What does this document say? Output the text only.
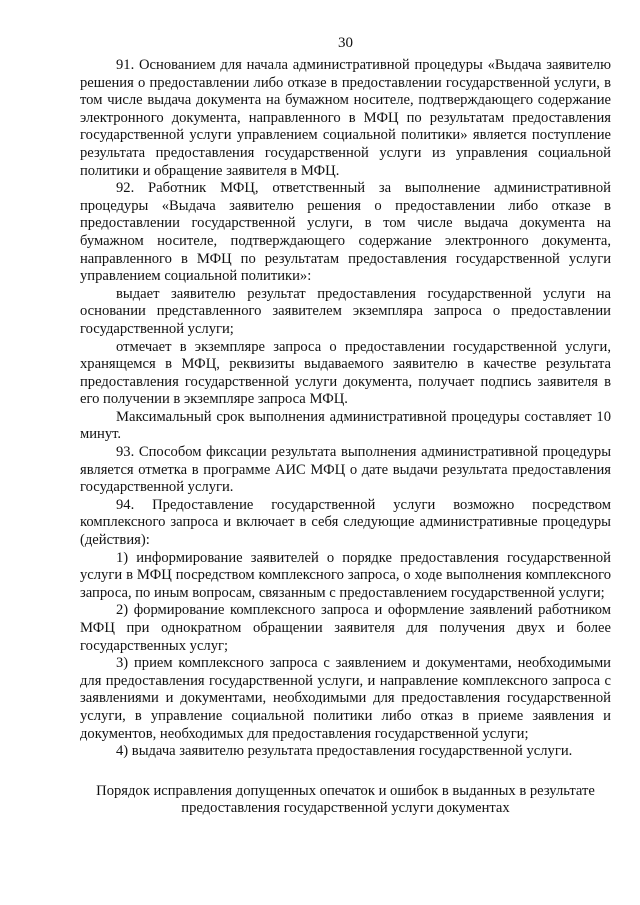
30

91. Основанием для начала административной процедуры «Выдача заявителю решения о предоставлении либо отказе в предоставлении государственной услуги, в том числе выдача документа на бумажном носителе, подтверждающего содержание электронного документа, направленного в МФЦ по результатам предоставления государственной услуги управлением социальной политики» является поступление результата предоставления государственной услуги из управления социальной политики и обращение заявителя в МФЦ.

92. Работник МФЦ, ответственный за выполнение административной процедуры «Выдача заявителю решения о предоставлении либо отказе в предоставлении государственной услуги, в том числе выдача документа на бумажном носителе, подтверждающего содержание электронного документа, направленного в МФЦ по результатам предоставления государственной услуги управлением социальной политики»:

выдает заявителю результат предоставления государственной услуги на основании представленного заявителем экземпляра запроса о предоставлении государственной услуги;

отмечает в экземпляре запроса о предоставлении государственной услуги, хранящемся в МФЦ, реквизиты выдаваемого заявителю в качестве результата предоставления государственной услуги документа, получает подпись заявителя в его получении в экземпляре запроса МФЦ.

Максимальный срок выполнения административной процедуры составляет 10 минут.

93. Способом фиксации результата выполнения административной процедуры является отметка в программе АИС МФЦ о дате выдачи результата предоставления государственной услуги.

94. Предоставление государственной услуги возможно посредством комплексного запроса и включает в себя следующие административные процедуры (действия):

1) информирование заявителей о порядке предоставления государственной услуги в МФЦ посредством комплексного запроса, о ходе выполнения комплексного запроса, по иным вопросам, связанным с предоставлением государственной услуги;

2) формирование комплексного запроса и оформление заявлений работником МФЦ при однократном обращении заявителя для получения двух и более государственных услуг;

3) прием комплексного запроса с заявлением и документами, необходимыми для предоставления государственной услуги, и направление комплексного запроса с заявлениями и документами, необходимыми для предоставления государственной услуги, в управление социальной политики либо отказ в приеме заявления и документов, необходимых для предоставления государственной услуги;

4) выдача заявителю результата предоставления государственной услуги.

Порядок исправления допущенных опечаток и ошибок в выданных в результате
предоставления государственной услуги документах
